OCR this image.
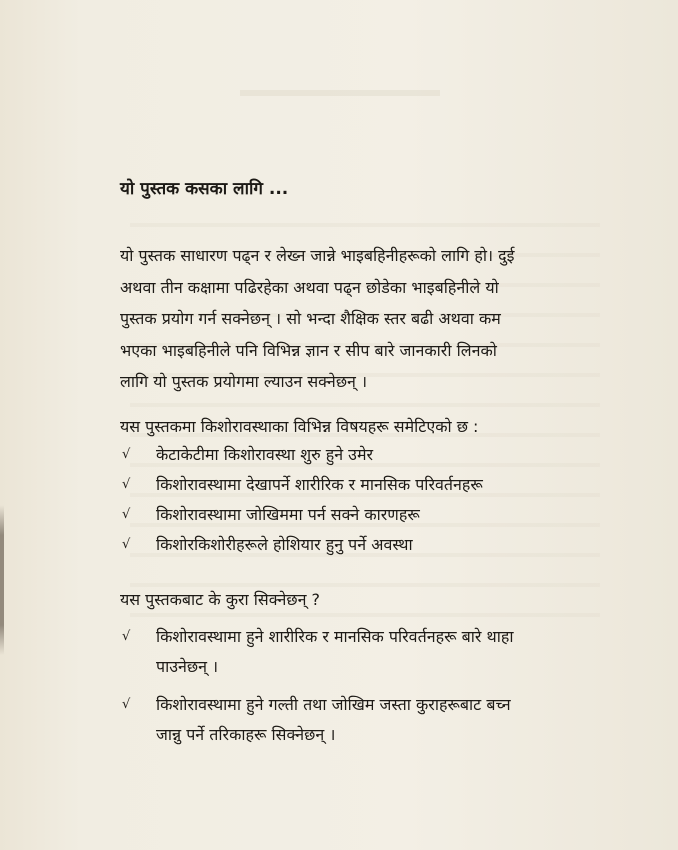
यो पुस्तक कसका लागि ...
यो पुस्तक साधारण पढ्न र लेख्न जान्ने भाइबहिनीहरूको लागि हो। दुई
अथवा तीन कक्षामा पढिरहेका अथवा पढ्न छोडेका भाइबहिनीले यो
पुस्तक प्रयोग गर्न सक्नेछन् । सो भन्दा शैक्षिक स्तर बढी अथवा कम
भएका भाइबहिनीले पनि विभिन्न ज्ञान र सीप बारे जानकारी लिनको
लागि यो पुस्तक प्रयोगमा ल्याउन सक्नेछन् ।
यस पुस्तकमा किशोरावस्थाका विभिन्न विषयहरू समेटिएको छ :
√ केटाकेटीमा किशोरावस्था शुरु हुने उमेर
√ किशोरावस्थामा देखापर्ने शारीरिक र मानसिक परिवर्तनहरू
√ किशोरावस्थामा जोखिममा पर्न सक्ने कारणहरू
√ किशोरकिशोरीहरूले होशियार हुनु पर्ने अवस्था
यस पुस्तकबाट के कुरा सिक्नेछन् ?
√ किशोरावस्थामा हुने शारीरिक र मानसिक परिवर्तनहरू बारे थाहा
पाउनेछन् ।
√ किशोरावस्थामा हुने गल्ती तथा जोखिम जस्ता कुराहरूबाट बच्न
जान्नु पर्ने तरिकाहरू सिक्नेछन् ।
